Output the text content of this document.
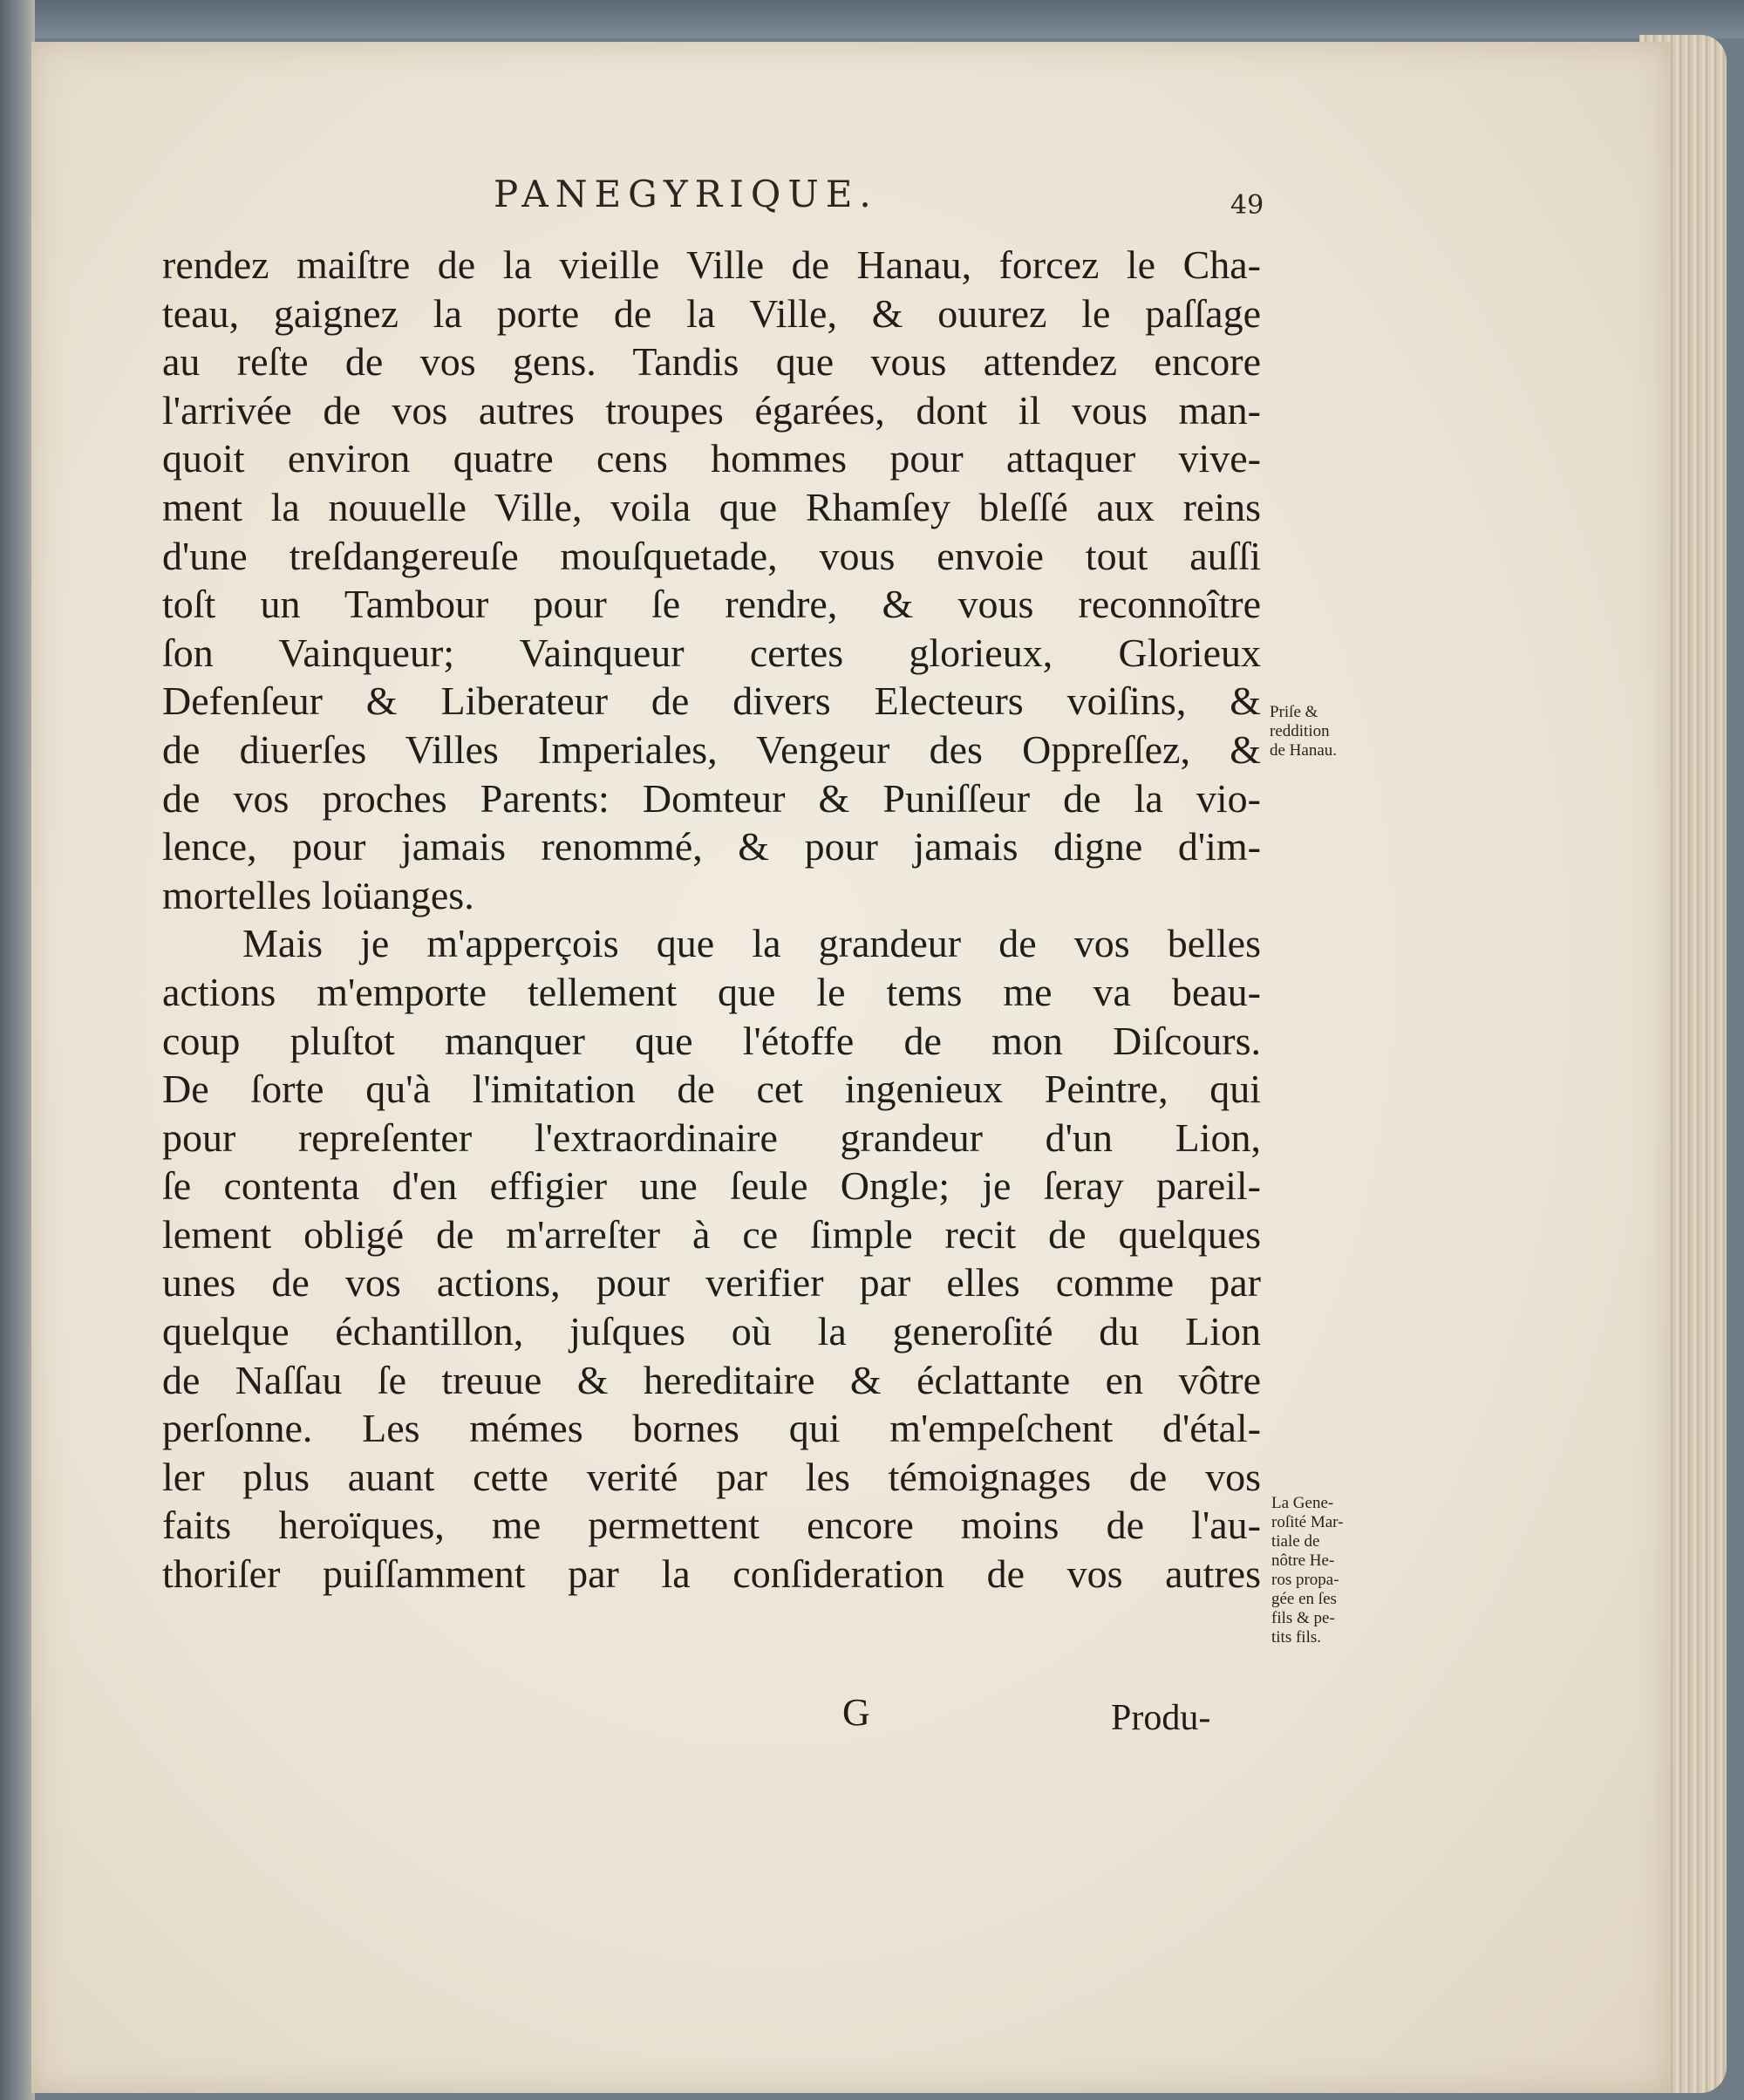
PANEGYRIQUE.	49
rendez maiſtre de la vieille Ville de Hanau, forcez le Cha-
teau, gaignez la porte de la Ville, & ouurez le paſſage
au reſte de vos gens. Tandis que vous attendez encore
l'arrivée de vos autres troupes égarées, dont il vous man-
quoit environ quatre cens hommes pour attaquer vive-
ment la nouuelle Ville, voila que Rhamſey bleſſé aux reins
d'une treſdangereuſe mouſquetade, vous envoie tout auſſi
toſt un Tambour pour ſe rendre, & vous reconnoître
ſon Vainqueur; Vainqueur certes glorieux, Glorieux
Defenſeur & Liberateur de divers Electeurs voiſins, &
de diuerſes Villes Imperiales, Vengeur des Oppreſſez, &
de vos proches Parents: Domteur & Puniſſeur de la vio-
lence, pour jamais renommé, & pour jamais digne d'im-
mortelles loüanges.
Mais je m'apperçois que la grandeur de vos belles
actions m'emporte tellement que le tems me va beau-
coup pluſtot manquer que l'étoffe de mon Diſcours.
De ſorte qu'à l'imitation de cet ingenieux Peintre, qui
pour repreſenter l'extraordinaire grandeur d'un Lion,
ſe contenta d'en effigier une ſeule Ongle; je ſeray pareil-
lement obligé de m'arreſter à ce ſimple recit de quelques
unes de vos actions, pour verifier par elles comme par
quelque échantillon, juſques où la generoſité du Lion
de Naſſau ſe treuue & hereditaire & éclattante en vôtre
perſonne. Les mémes bornes qui m'empeſchent d'étal-
ler plus auant cette verité par les témoignages de vos
faits heroïques, me permettent encore moins de l'au-
thoriſer puiſſamment par la conſideration de vos autres
Priſe &
reddition
de Hanau.
La Gene-
roſité Mar-
tiale de
nôtre He-
ros propa-
gée en ſes
fils & pe-
tits fils.
G	Produ-
